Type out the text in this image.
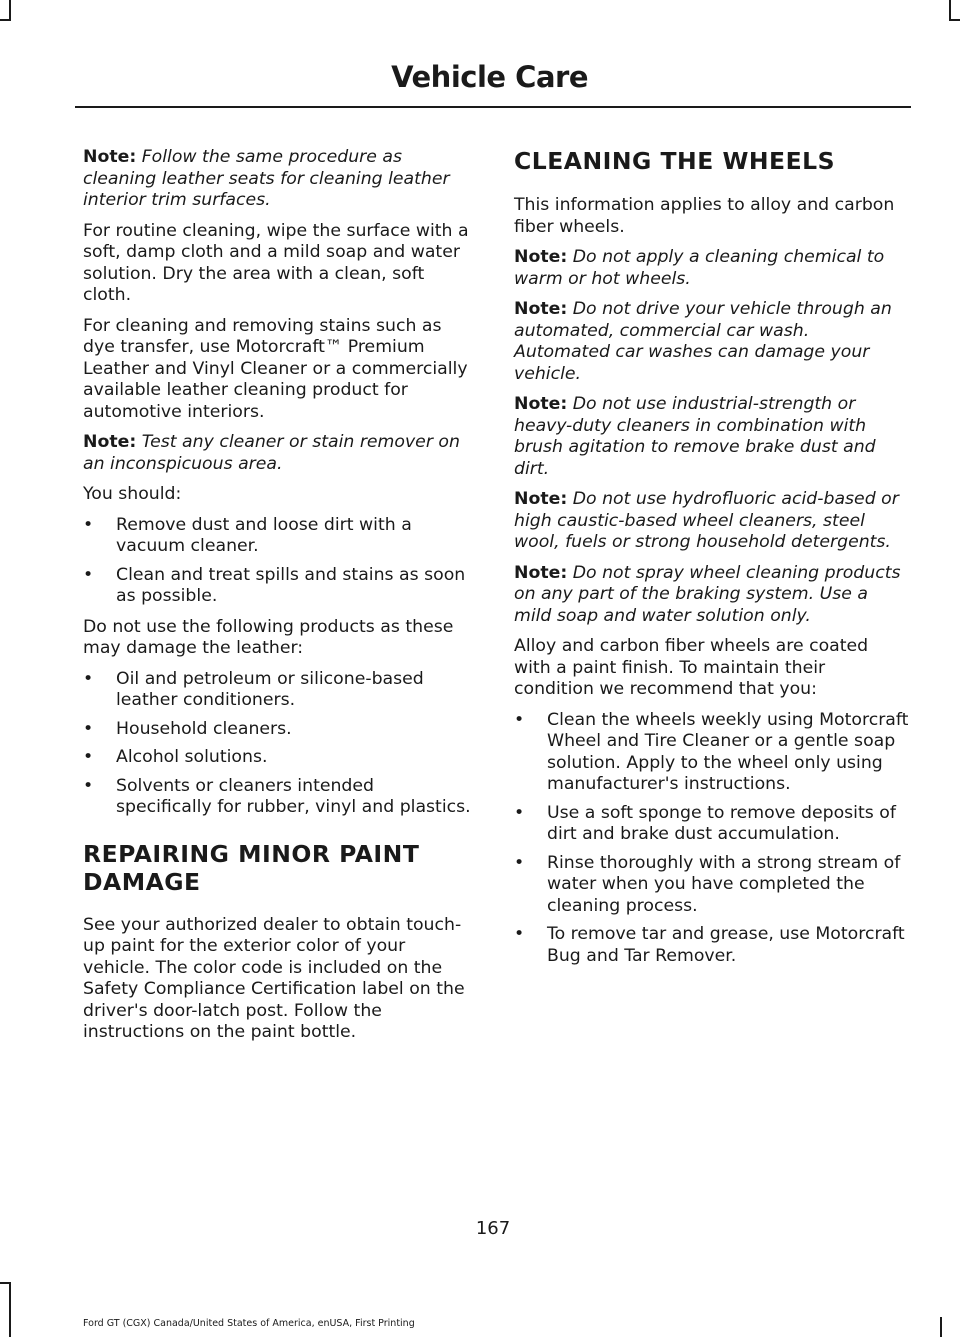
Vehicle Care

Note: Follow the same procedure as cleaning leather seats for cleaning leather interior trim surfaces.

For routine cleaning, wipe the surface with a soft, damp cloth and a mild soap and water solution. Dry the area with a clean, soft cloth.

For cleaning and removing stains such as dye transfer, use Motorcraft™ Premium Leather and Vinyl Cleaner or a commercially available leather cleaning product for automotive interiors.

Note: Test any cleaner or stain remover on an inconspicuous area.

You should:

• Remove dust and loose dirt with a vacuum cleaner.
• Clean and treat spills and stains as soon as possible.

Do not use the following products as these may damage the leather:

• Oil and petroleum or silicone-based leather conditioners.
• Household cleaners.
• Alcohol solutions.
• Solvents or cleaners intended specifically for rubber, vinyl and plastics.
REPAIRING MINOR PAINT
DAMAGE

See your authorized dealer to obtain touch-up paint for the exterior color of your vehicle. The color code is included on the Safety Compliance Certification label on the driver's door-latch post. Follow the instructions on the paint bottle.

CLEANING THE WHEELS

This information applies to alloy and carbon fiber wheels.

Note: Do not apply a cleaning chemical to warm or hot wheels.

Note: Do not drive your vehicle through an automated, commercial car wash. Automated car washes can damage your vehicle.

Note: Do not use industrial-strength or heavy-duty cleaners in combination with brush agitation to remove brake dust and dirt.

Note: Do not use hydrofluoric acid-based or high caustic-based wheel cleaners, steel wool, fuels or strong household detergents.

Note: Do not spray wheel cleaning products on any part of the braking system. Use a mild soap and water solution only.

Alloy and carbon fiber wheels are coated with a paint finish. To maintain their condition we recommend that you:

• Clean the wheels weekly using Motorcraft Wheel and Tire Cleaner or a gentle soap solution. Apply to the wheel only using manufacturer's instructions.
• Use a soft sponge to remove deposits of dirt and brake dust accumulation.
• Rinse thoroughly with a strong stream of water when you have completed the cleaning process.
• To remove tar and grease, use Motorcraft Bug and Tar Remover.
167
Ford GT (CGX) Canada/United States of America, enUSA, First Printing
